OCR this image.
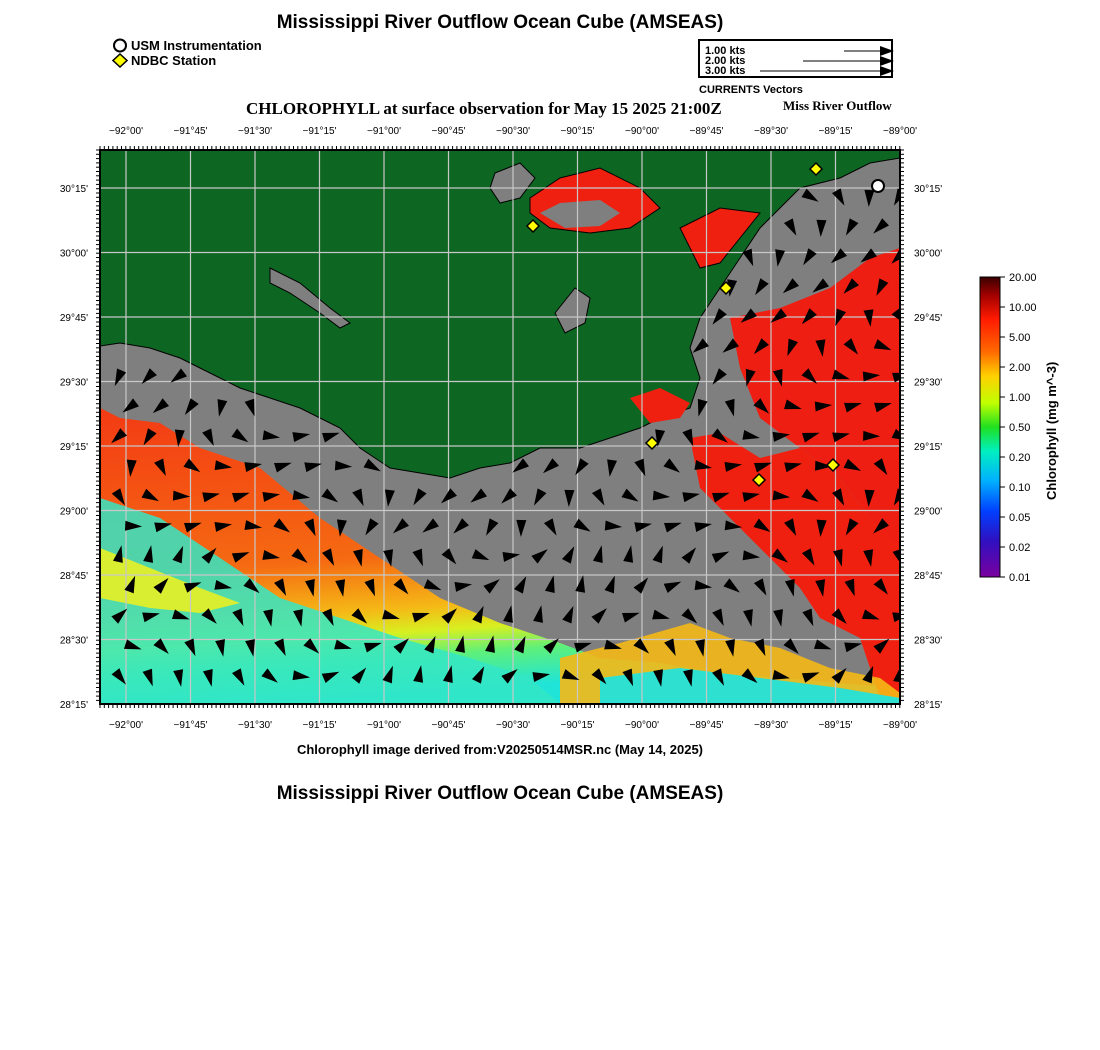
Mississippi River Outflow Ocean Cube (AMSEAS)
USM Instrumentation
NDBC Station
1.00 kts
2.00 kts
3.00 kts
CURRENTS Vectors
CHLOROPHYLL at surface observation for May 15 2025 21:00Z	Miss River Outflow
−92°00'
−92°00'
−91°45'
−91°45'
−91°30'
−91°30'
−91°15'
−91°15'
−91°00'
−91°00'
−90°45'
−90°45'
−90°30'
−90°30'
−90°15'
−90°15'
−90°00'
−90°00'
−89°45'
−89°45'
−89°30'
−89°30'
−89°15'
−89°15'
−89°00'
−89°00'
30°15'	30°15'
30°00'	30°00'
29°45'	29°45'
29°30'	29°30'
29°15'	29°15'
29°00'	29°00'
28°45'	28°45'
28°30'	28°30'
28°15'	28°15'
Chlorophyll image derived from:V20250514MSR.nc (May 14, 2025)
Mississippi River Outflow Ocean Cube (AMSEAS)
20.00
10.00
5.00
2.00
1.00
0.50
0.20
0.10
0.05
0.02
0.01
Chlorophyll (mg m^-3)
